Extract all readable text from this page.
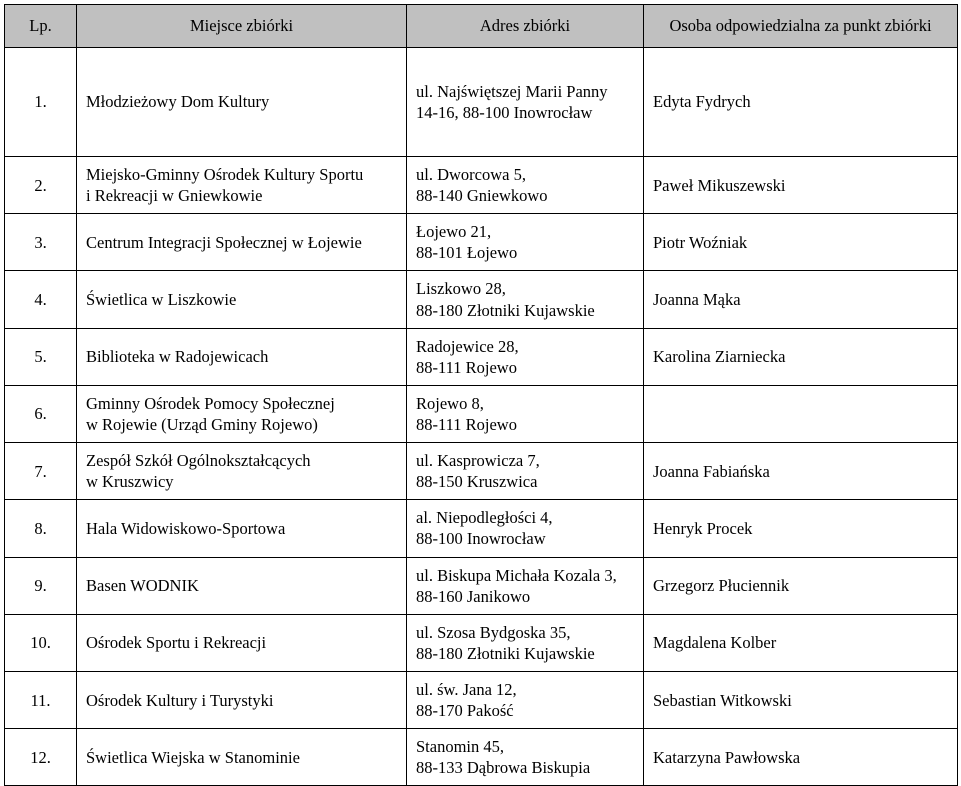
Lp.	Miejsce zbiórki	Adres zbiórki	Osoba odpowiedzialna za punkt zbiórki
1.	Młodzieżowy Dom Kultury	ul. Najświętszej Marii Panny
14-16, 88-100 Inowrocław	Edyta Fydrych
2.	Miejsko-Gminny Ośrodek Kultury Sportu
i Rekreacji w Gniewkowie	ul. Dworcowa 5,
88-140 Gniewkowo	Paweł Mikuszewski
3.	Centrum Integracji Społecznej w Łojewie	Łojewo 21,
88-101 Łojewo	Piotr Woźniak
4.	Świetlica w Liszkowie	Liszkowo 28,
88-180 Złotniki Kujawskie	Joanna Mąka
5.	Biblioteka w Radojewicach	Radojewice 28,
88-111 Rojewo	Karolina Ziarniecka
6.	Gminny Ośrodek Pomocy Społecznej
w Rojewie (Urząd Gminy Rojewo)	Rojewo 8,
88-111 Rojewo	

7.	Zespół Szkół Ogólnokształcących
w Kruszwicy	ul. Kasprowicza 7,
88-150 Kruszwica	Joanna Fabiańska
8.	Hala Widowiskowo-Sportowa	al. Niepodległości 4,
88-100 Inowrocław	Henryk Procek
9.	Basen WODNIK	ul. Biskupa Michała Kozala 3,
88-160 Janikowo	Grzegorz Płuciennik
10.	Ośrodek Sportu i Rekreacji	ul. Szosa Bydgoska 35,
88-180 Złotniki Kujawskie	Magdalena Kolber
11.	Ośrodek Kultury i Turystyki	ul. św. Jana 12,
88-170 Pakość	Sebastian Witkowski
12.	Świetlica Wiejska w Stanominie	Stanomin 45,
88-133 Dąbrowa Biskupia	Katarzyna Pawłowska
